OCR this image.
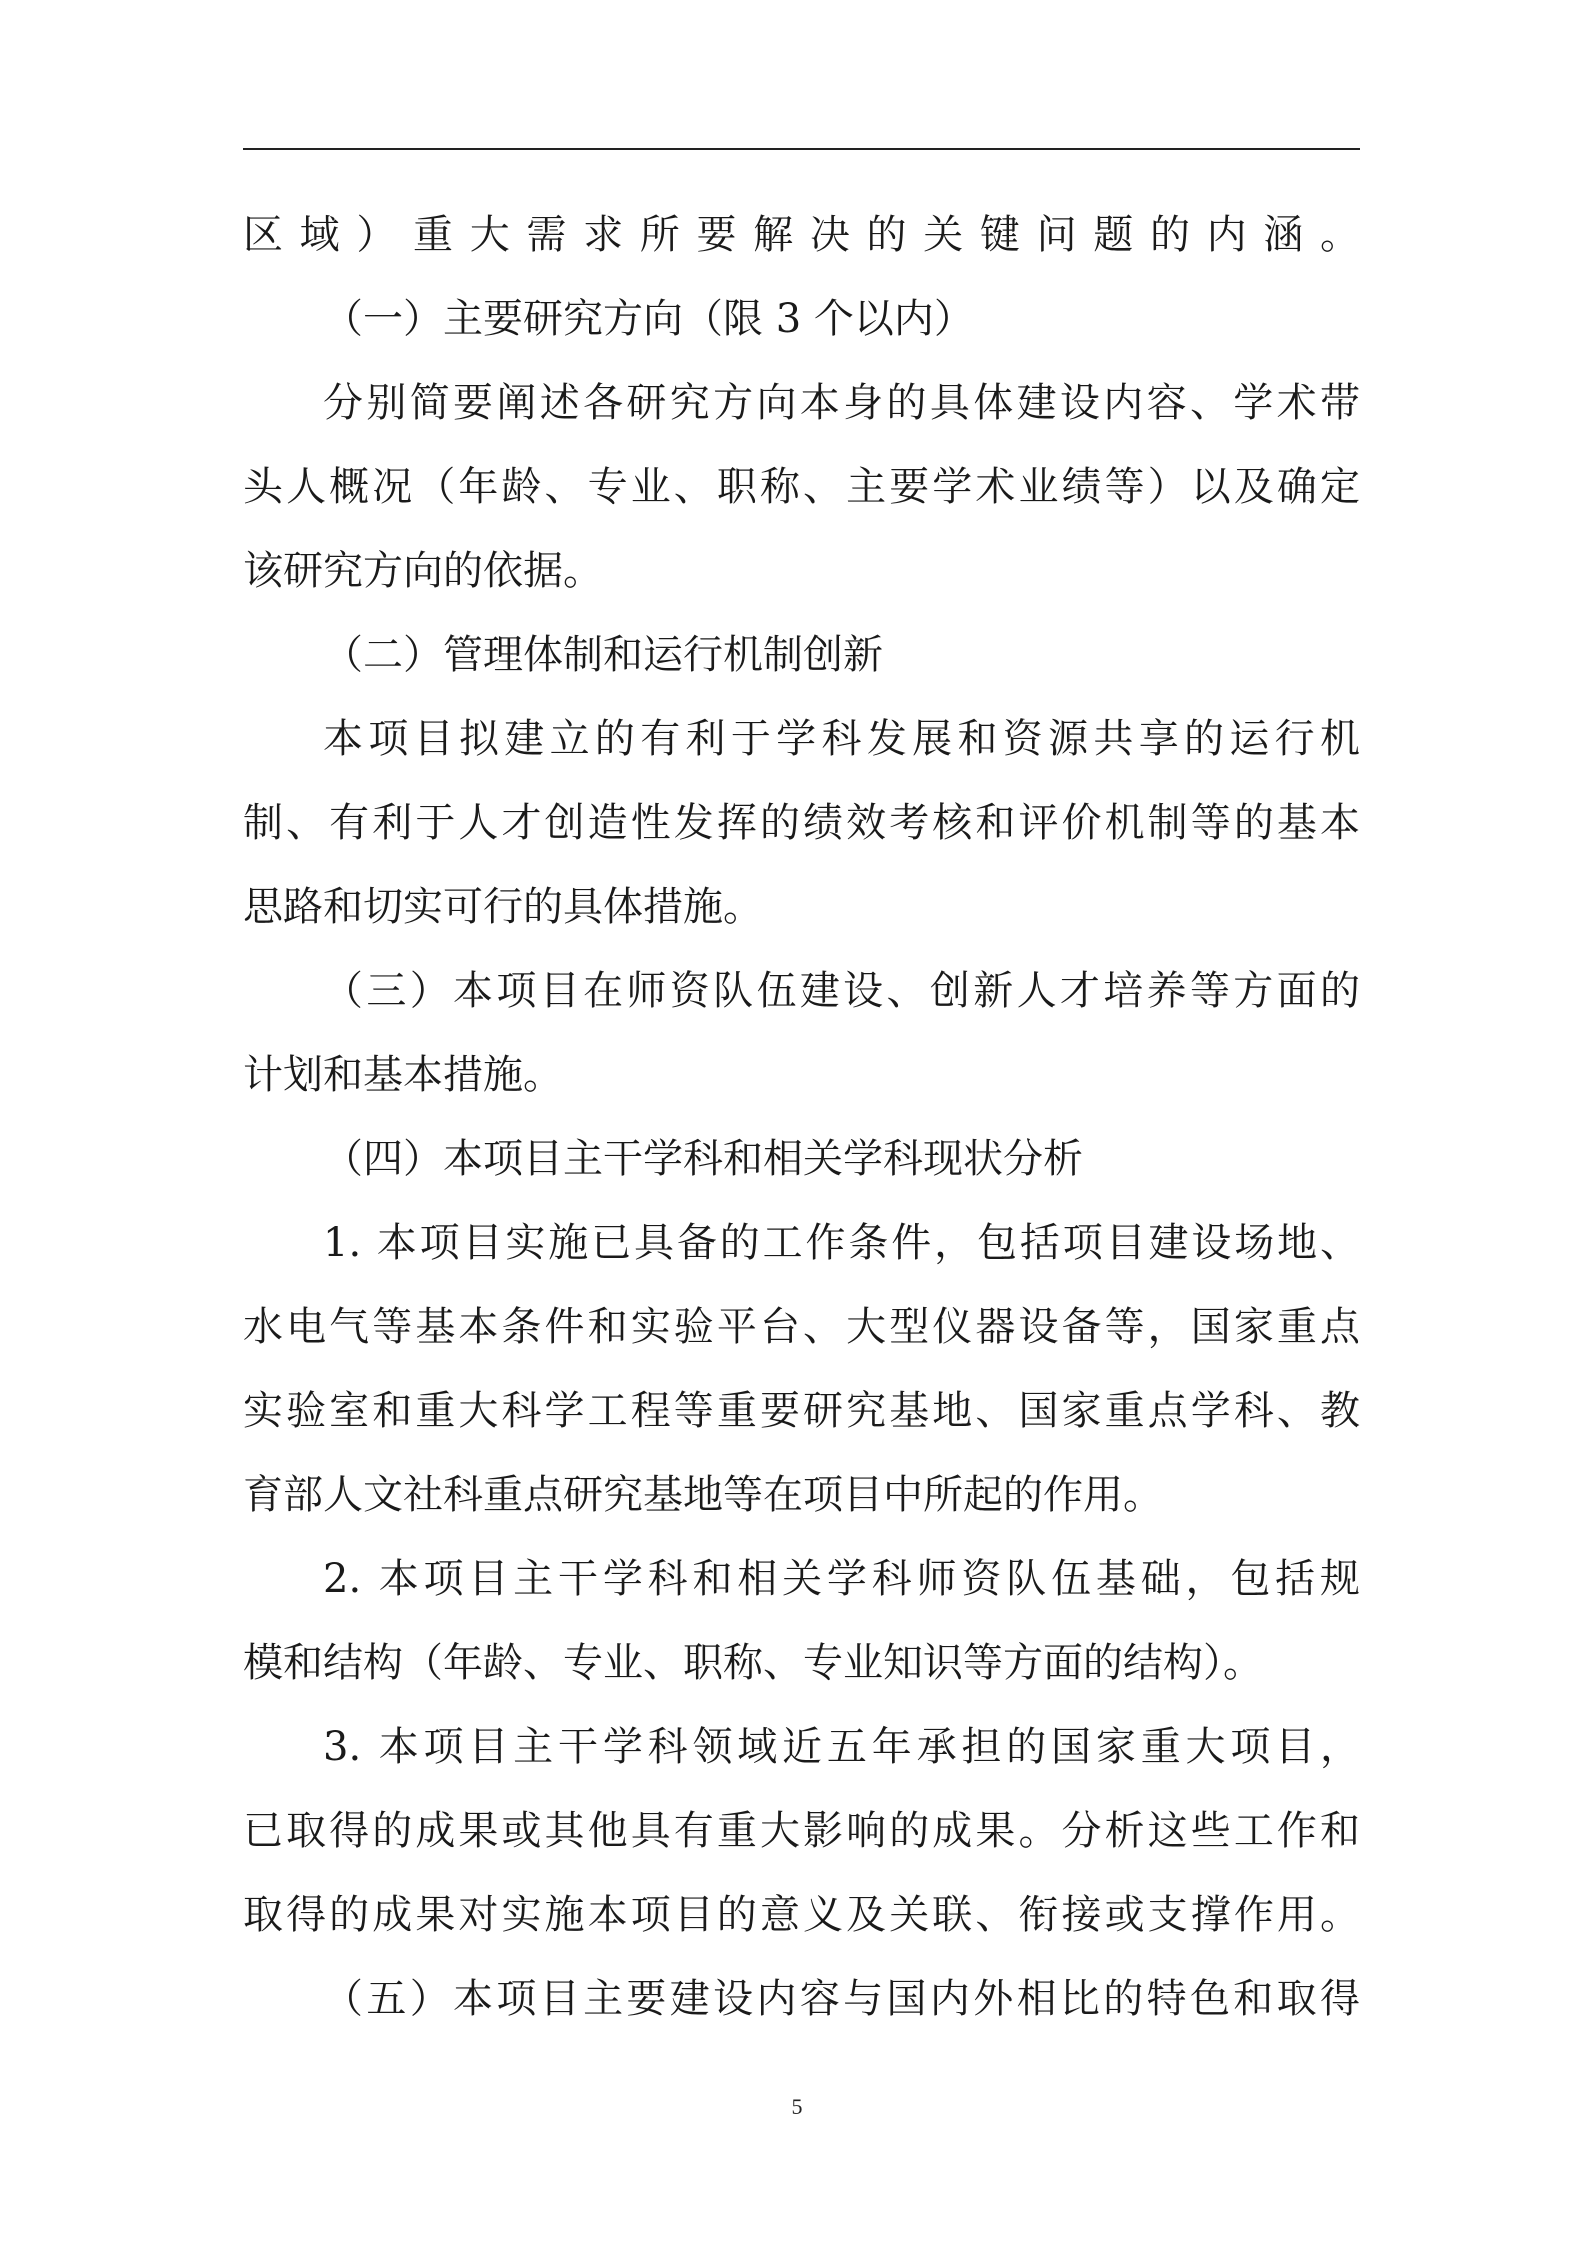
区域）重大需求所要解决的关键问题的内涵。
（一）主要研究方向（限 3 个以内）
分别简要阐述各研究方向本身的具体建设内容、学术带
头人概况（年龄、专业、职称、主要学术业绩等）以及确定
该研究方向的依据。
（二）管理体制和运行机制创新
本项目拟建立的有利于学科发展和资源共享的运行机
制、有利于人才创造性发挥的绩效考核和评价机制等的基本
思路和切实可行的具体措施。
（三）本项目在师资队伍建设、创新人才培养等方面的
计划和基本措施。
（四）本项目主干学科和相关学科现状分析
1. 本项目实施已具备的工作条件，包括项目建设场地、
水电气等基本条件和实验平台、大型仪器设备等，国家重点
实验室和重大科学工程等重要研究基地、国家重点学科、教
育部人文社科重点研究基地等在项目中所起的作用。
2. 本项目主干学科和相关学科师资队伍基础，包括规
模和结构（年龄、专业、职称、专业知识等方面的结构）。
3. 本项目主干学科领域近五年承担的国家重大项目，
已取得的成果或其他具有重大影响的成果。分析这些工作和
取得的成果对实施本项目的意义及关联、衔接或支撑作用。
（五）本项目主要建设内容与国内外相比的特色和取得
5
